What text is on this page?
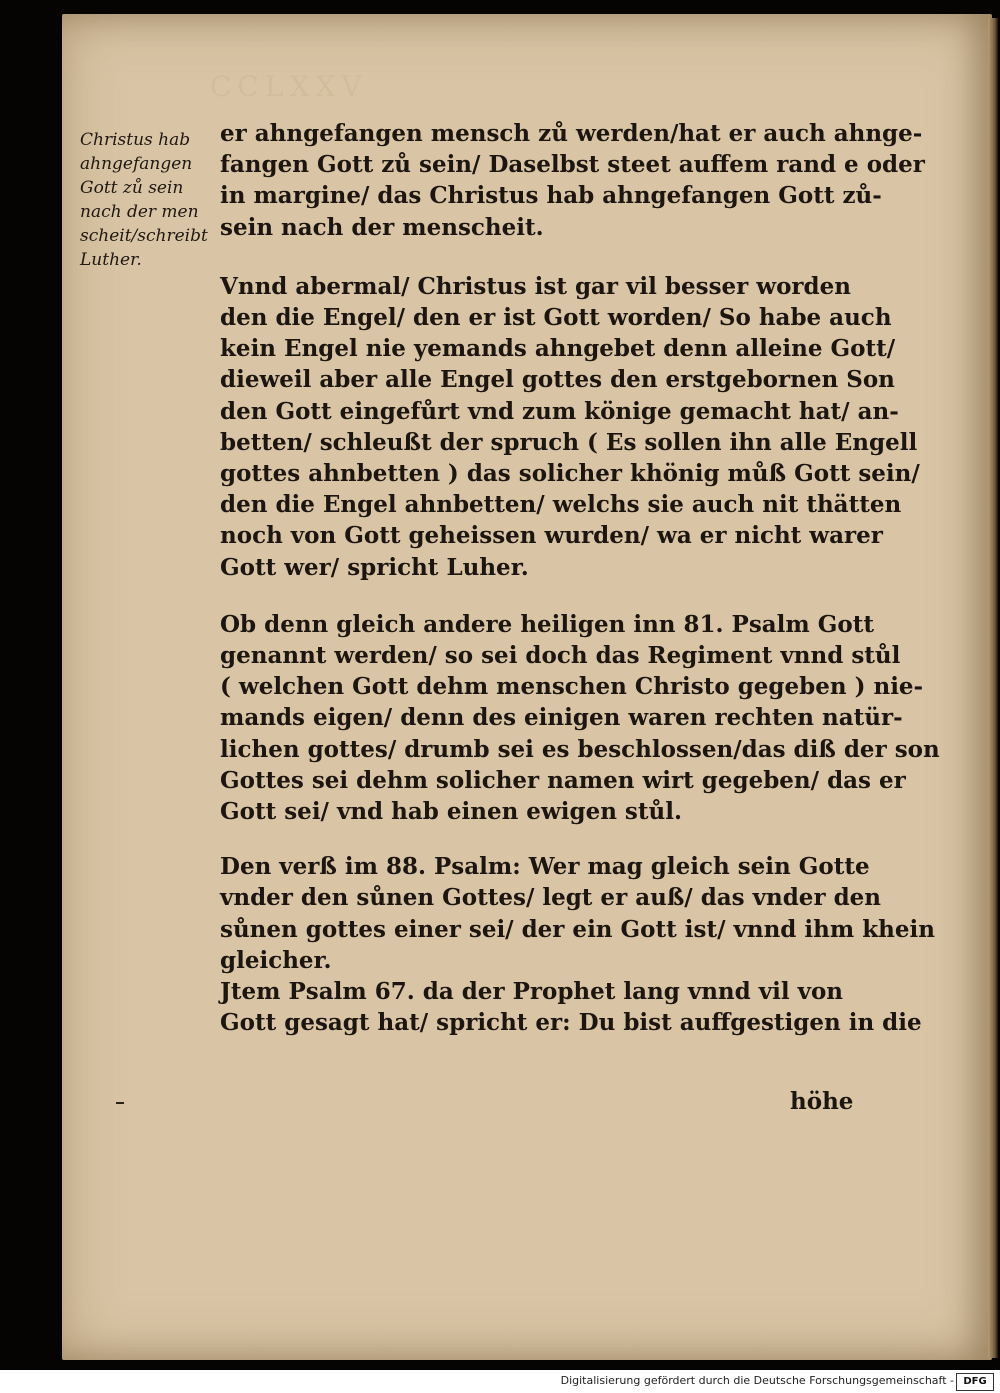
CCLXXV
Christus hab
ahngefangen
Gott zů sein
nach der men
scheit/schreibt
Luther.
er ahngefangen mensch zů werden/hat er auch ahnge-
fangen Gott zů sein/ Daselbst steet auffem rand e oder
in margine/ das Christus hab ahngefangen Gott zů-
sein nach der menscheit.
Vnnd abermal/ Christus ist gar vil besser worden
den die Engel/ den er ist Gott worden/ So habe auch
kein Engel nie yemands ahngebet denn alleine Gott/
dieweil aber alle Engel gottes den erstgebornen Son
den Gott eingefůrt vnd zum könige gemacht hat/ an-
betten/ schleußt der spruch ( Es sollen ihn alle Engell
gottes ahnbetten ) das solicher khönig můß Gott sein/
den die Engel ahnbetten/ welchs sie auch nit thätten
noch von Gott geheissen wurden/ wa er nicht warer
Gott wer/ spricht Luher.
Ob denn gleich andere heiligen inn 81. Psalm Gott
genannt werden/ so sei doch das Regiment vnnd stůl
( welchen Gott dehm menschen Christo gegeben ) nie-
mands eigen/ denn des einigen waren rechten natür-
lichen gottes/ drumb sei es beschlossen/das diß der son
Gottes sei dehm solicher namen wirt gegeben/ das er
Gott sei/ vnd hab einen ewigen stůl.
Den verß im 88. Psalm: Wer mag gleich sein Gotte
vnder den sůnen Gottes/ legt er auß/ das vnder den
sůnen gottes einer sei/ der ein Gott ist/ vnnd ihm khein
gleicher.
Jtem Psalm 67. da der Prophet lang vnnd vil von
Gott gesagt hat/ spricht er: Du bist auffgestigen in die
höhe
Digitalisierung gefördert durch die Deutsche Forschungsgemeinschaft - DFG
